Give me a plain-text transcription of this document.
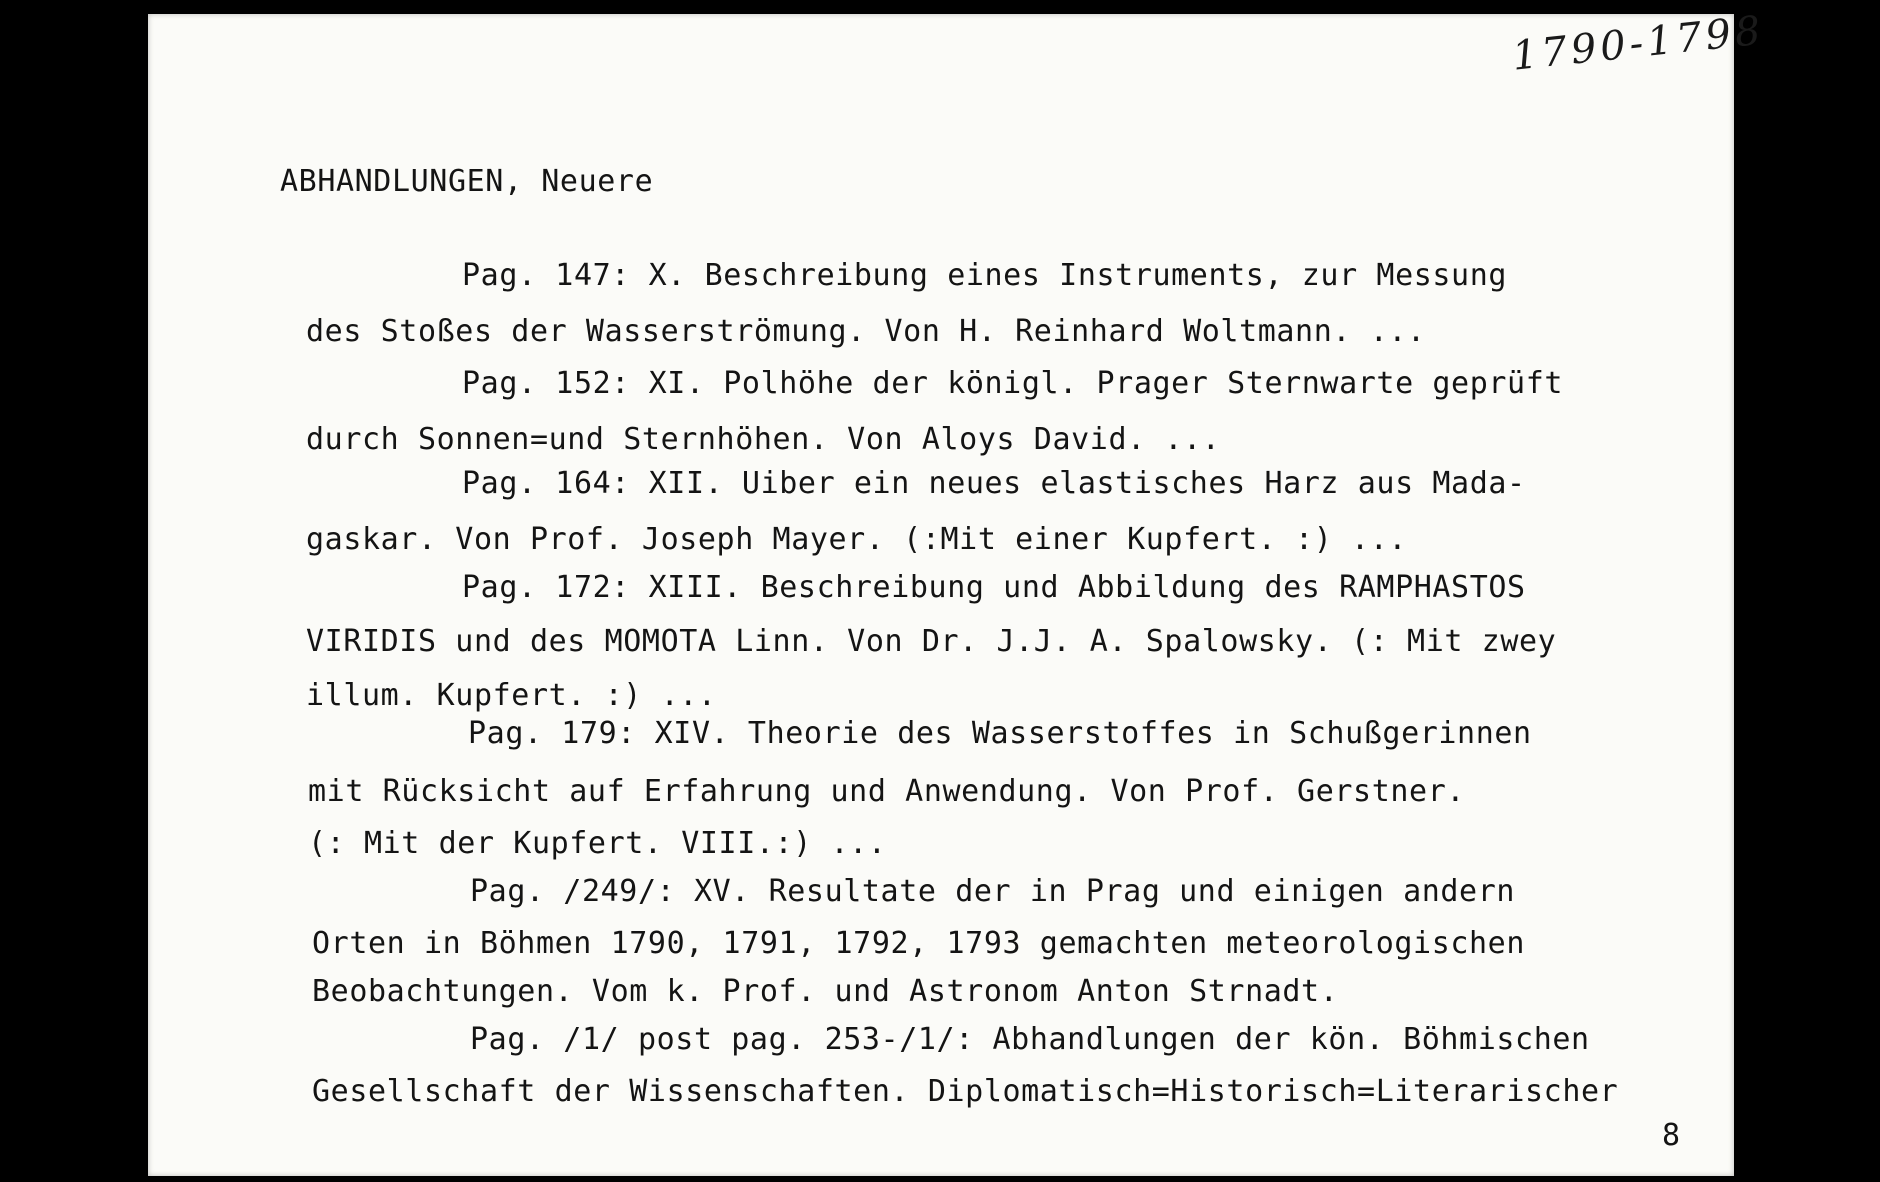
1790-1798
ABHANDLUNGEN, Neuere
Pag. 147: X. Beschreibung eines Instruments, zur Messung
des Stoßes der Wasserströmung. Von H. Reinhard Woltmann. ...
Pag. 152: XI. Polhöhe der königl. Prager Sternwarte geprüft
durch Sonnen=und Sternhöhen. Von Aloys David. ...
Pag. 164: XII. Uiber ein neues elastisches Harz aus Mada-
gaskar. Von Prof. Joseph Mayer. (:Mit einer Kupfert. :) ...
Pag. 172: XIII. Beschreibung und Abbildung des RAMPHASTOS
VIRIDIS und des MOMOTA Linn. Von Dr. J.J. A. Spalowsky. (: Mit zwey
illum. Kupfert. :) ...
Pag. 179: XIV. Theorie des Wasserstoffes in Schußgerinnen
mit Rücksicht auf Erfahrung und Anwendung. Von Prof. Gerstner.
(: Mit der Kupfert. VIII.:) ...
Pag. /249/: XV. Resultate der in Prag und einigen andern
Orten in Böhmen 1790, 1791, 1792, 1793 gemachten meteorologischen
Beobachtungen. Vom k. Prof. und Astronom Anton Strnadt.
Pag. /1/ post pag. 253-/1/: Abhandlungen der kön. Böhmischen
Gesellschaft der Wissenschaften. Diplomatisch=Historisch=Literarischer
8
